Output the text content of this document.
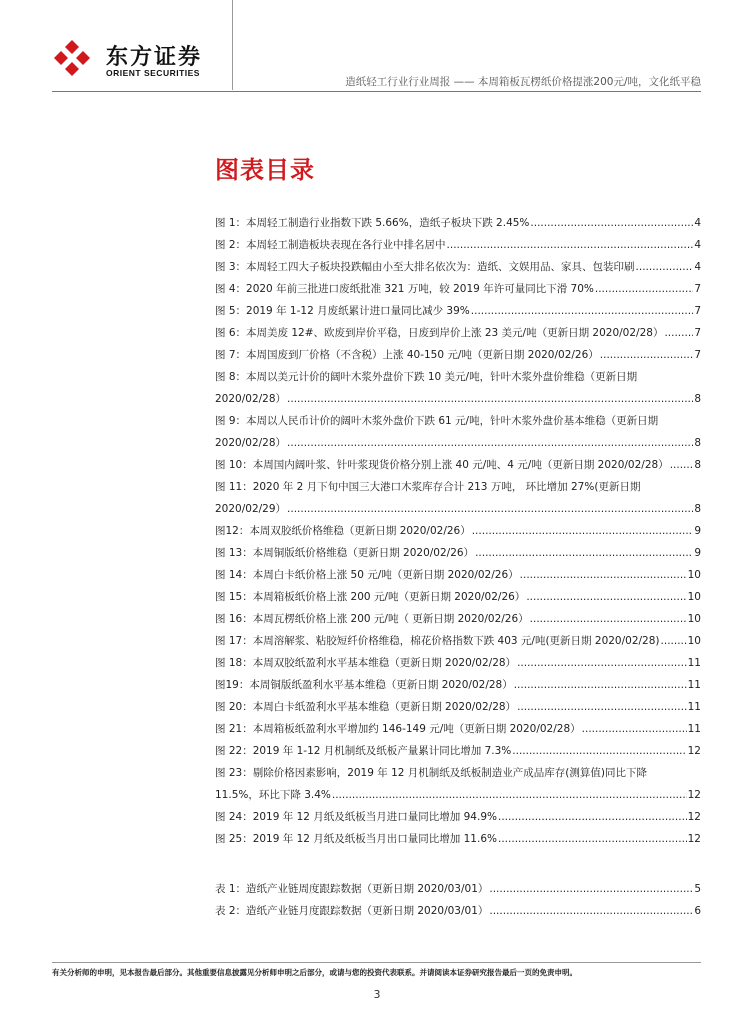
东方证券
ORIENT SECURITIES
造纸轻工行业行业周报 —— 本周箱板瓦楞纸价格提涨200元/吨，文化纸平稳
图表目录
图 1：本周轻工制造行业指数下跌 5.66%，造纸子板块下跌 2.45% .....	4
图 2：本周轻工制造板块表现在各行业中排名居中 .....	4
图 3：本周轻工四大子板块投跌幅由小至大排名依次为：造纸、文娱用品、家具、包装印刷 .....	4
图 4：2020 年前三批进口废纸批准 321 万吨，较 2019 年许可量同比下滑 70% .....	7
图 5：2019 年 1-12 月废纸累计进口量同比减少 39% .....	7
图 6：本周美废 12#、欧废到岸价平稳，日废到岸价上涨 23 美元/吨（更新日期 2020/02/28） .....	7
图 7：本周国废到厂价格（不含税）上涨 40-150 元/吨（更新日期 2020/02/26） .....	7
图 8：本周以美元计价的阔叶木浆外盘价下跌 10 美元/吨，针叶木浆外盘价维稳（更新日期
2020/02/28） .....	8
图 9：本周以人民币计价的阔叶木浆外盘价下跌 61 元/吨，针叶木浆外盘价基本维稳（更新日期
2020/02/28） .....	8
图 10：本周国内阔叶浆、针叶浆现货价格分别上涨 40 元/吨、4 元/吨（更新日期 2020/02/28） ..... 8
图 11：2020 年 2 月下旬中国三大港口木浆库存合计 213 万吨， 环比增加 27%(更新日期
2020/02/29） .....	8
图12：本周双胶纸价格维稳（更新日期 2020/02/26） .....	9
图 13：本周铜版纸价格维稳（更新日期 2020/02/26） .....	9
图 14：本周白卡纸价格上涨 50 元/吨（更新日期 2020/02/26） .....	10
图 15：本周箱板纸价格上涨 200 元/吨（更新日期 2020/02/26） .....	10
图 16：本周瓦楞纸价格上涨 200 元/吨（ 更新日期 2020/02/26） .....	10
图 17：本周溶解浆、粘胶短纤价格维稳，棉花价格指数下跌 403 元/吨(更新日期 2020/02/28) .....	10
图 18：本周双胶纸盈利水平基本维稳（更新日期 2020/02/28） .....	11
图19：本周铜版纸盈利水平基本维稳（更新日期 2020/02/28） .....	11
图 20：本周白卡纸盈利水平基本维稳（更新日期 2020/02/28） .....	11
图 21：本周箱板纸盈利水平增加约 146-149 元/吨（更新日期 2020/02/28） .....	11
图 22：2019 年 1-12 月机制纸及纸板产量累计同比增加 7.3% .....	12
图 23：剔除价格因素影响，2019 年 12 月机制纸及纸板制造业产成品库存(测算值)同比下降
11.5%，环比下降 3.4% .....	12
图 24：2019 年 12 月纸及纸板当月进口量同比增加 94.9% .....	12
图 25：2019 年 12 月纸及纸板当月出口量同比增加 11.6% .....	12
表 1：造纸产业链周度跟踪数据（更新日期 2020/03/01） .....	5
表 2：造纸产业链月度跟踪数据（更新日期 2020/03/01） .....	6
有关分析师的申明，见本报告最后部分。其他重要信息披露见分析师申明之后部分，或请与您的投资代表联系。并请阅读本证券研究报告最后一页的免责申明。
3
